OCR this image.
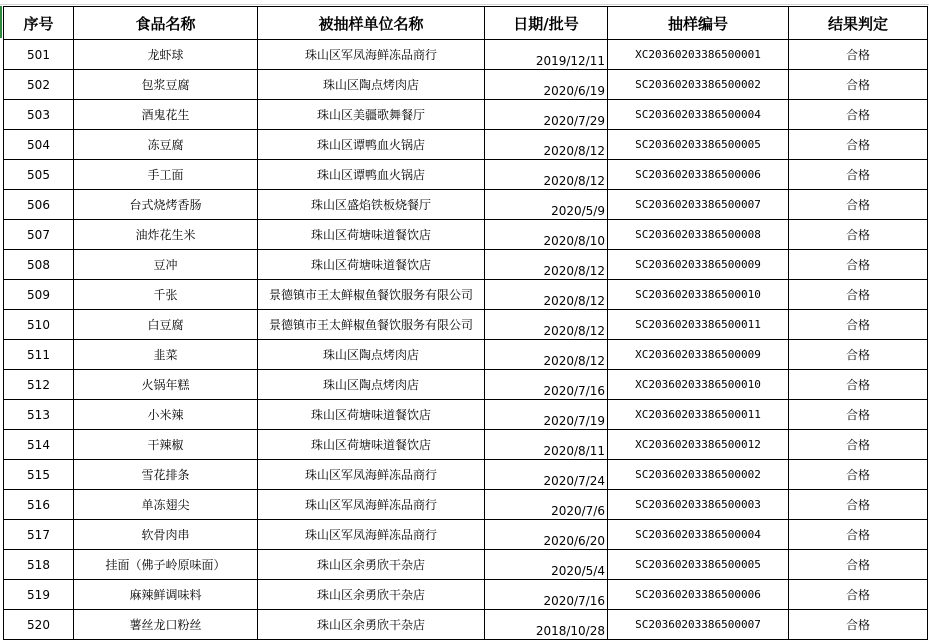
序号	食品名称	被抽样单位名称	日期/批号	抽样编号	结果判定
501	龙虾球	珠山区军凤海鲜冻品商行	2019/12/11	XC20360203386500001	合格
502	包浆豆腐	珠山区陶点烤肉店	2020/6/19	SC20360203386500002	合格
503	酒鬼花生	珠山区美疆歌舞餐厅	2020/7/29	SC20360203386500004	合格
504	冻豆腐	珠山区谭鸭血火锅店	2020/8/12	SC20360203386500005	合格
505	手工面	珠山区谭鸭血火锅店	2020/8/12	SC20360203386500006	合格
506	台式烧烤香肠	珠山区盛焰铁板烧餐厅	2020/5/9	SC20360203386500007	合格
507	油炸花生米	珠山区荷塘味道餐饮店	2020/8/10	SC20360203386500008	合格
508	豆冲	珠山区荷塘味道餐饮店	2020/8/12	SC20360203386500009	合格
509	千张	景德镇市王太鲜椒鱼餐饮服务有限公司	2020/8/12	SC20360203386500010	合格
510	白豆腐	景德镇市王太鲜椒鱼餐饮服务有限公司	2020/8/12	SC20360203386500011	合格
511	韭菜	珠山区陶点烤肉店	2020/8/12	XC20360203386500009	合格
512	火锅年糕	珠山区陶点烤肉店	2020/7/16	XC20360203386500010	合格
513	小米辣	珠山区荷塘味道餐饮店	2020/7/19	XC20360203386500011	合格
514	干辣椒	珠山区荷塘味道餐饮店	2020/8/11	XC20360203386500012	合格
515	雪花排条	珠山区军凤海鲜冻品商行	2020/7/24	SC20360203386500002	合格
516	单冻翅尖	珠山区军凤海鲜冻品商行	2020/7/6	SC20360203386500003	合格
517	软骨肉串	珠山区军凤海鲜冻品商行	2020/6/20	SC20360203386500004	合格
518	挂面（佛子岭原味面）	珠山区余勇欣干杂店	2020/5/4	SC20360203386500005	合格
519	麻辣鲜调味料	珠山区余勇欣干杂店	2020/7/16	SC20360203386500006	合格
520	薯丝龙口粉丝	珠山区余勇欣干杂店	2018/10/28	SC20360203386500007	合格
